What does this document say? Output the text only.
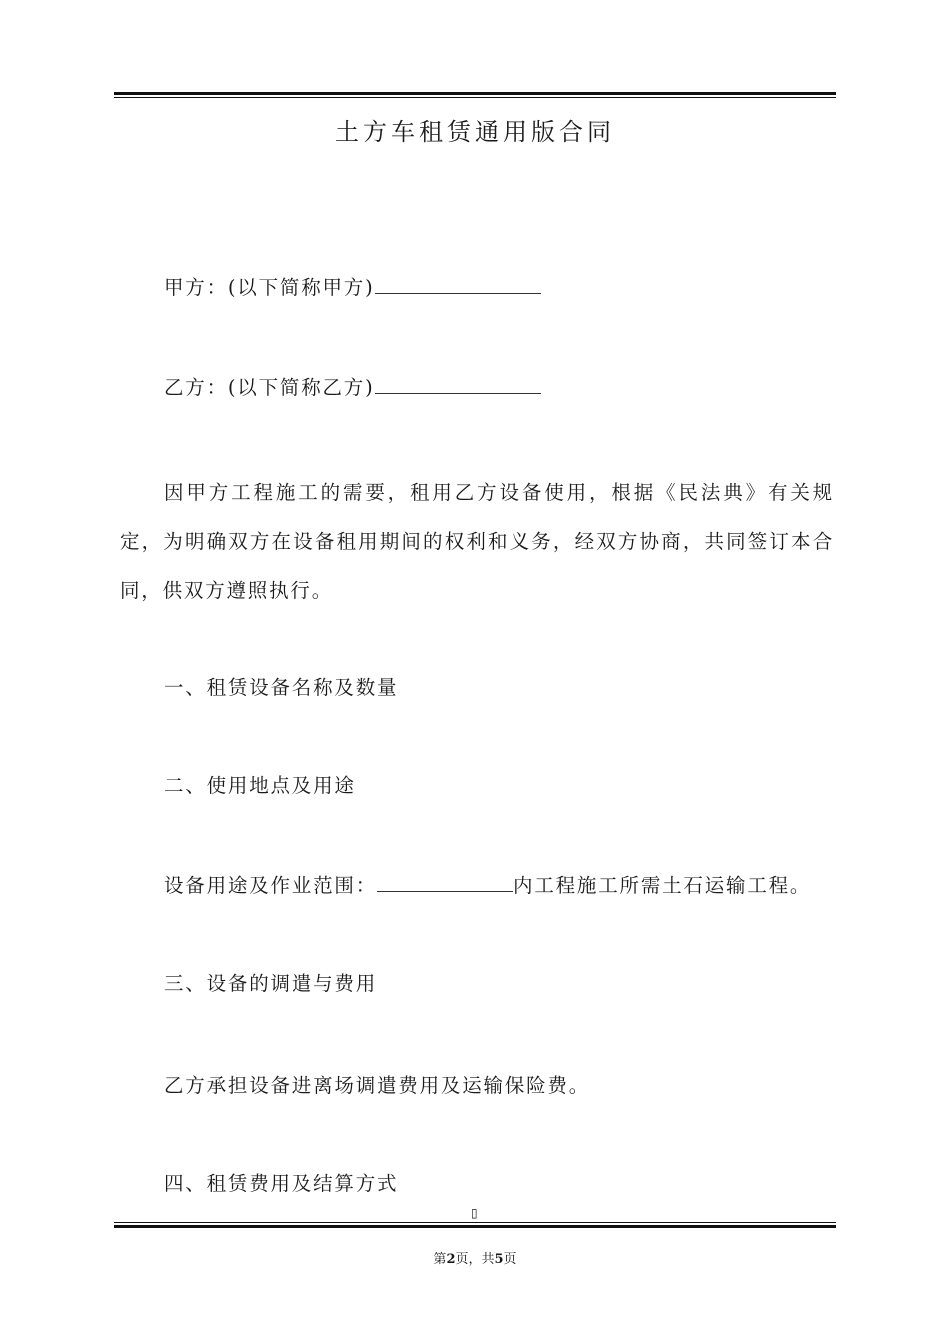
土方车租赁通用版合同
甲方：(以下简称甲方)
乙方：(以下简称乙方)
因甲方工程施工的需要，租用乙方设备使用，根据《民法典》有关规定，为明确双方在设备租用期间的权利和义务，经双方协商，共同签订本合同，供双方遵照执行。
一、租赁设备名称及数量
二、使用地点及用途
设备用途及作业范围：	内工程施工所需土石运输工程。
三、设备的调遣与费用
乙方承担设备进离场调遣费用及运输保险费。
四、租赁费用及结算方式
▯
第2页，共5页
